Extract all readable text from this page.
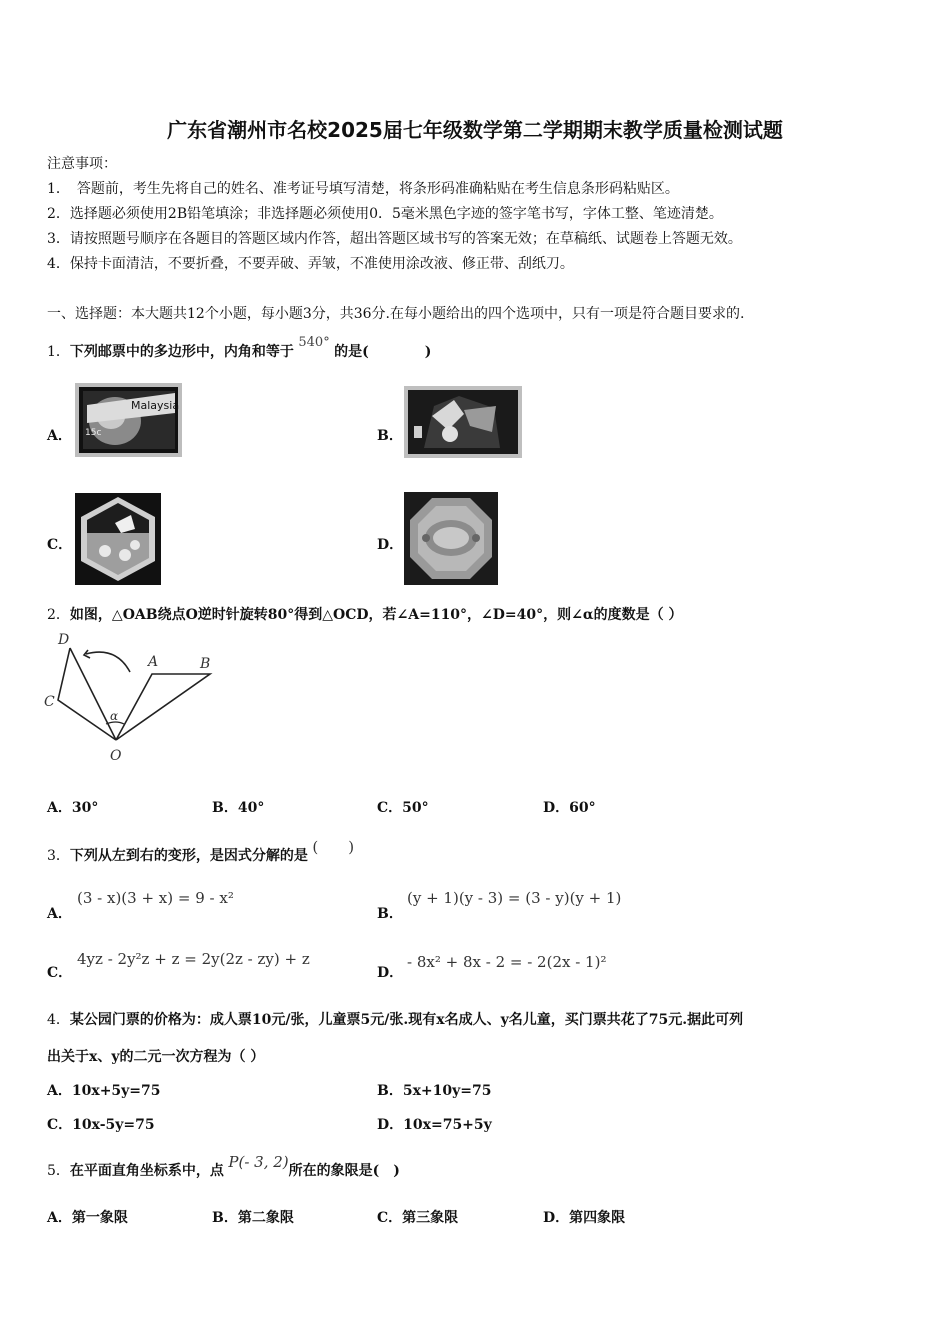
广东省潮州市名校2025届七年级数学第二学期期末教学质量检测试题
注意事项：
1．　答题前，考生先将自己的姓名、准考证号填写清楚，将条形码准确粘贴在考生信息条形码粘贴区。
2．选择题必须使用2B铅笔填涂；非选择题必须使用0．5毫米黑色字迹的签字笔书写，字体工整、笔迹清楚。
3．请按照题号顺序在各题目的答题区域内作答，超出答题区域书写的答案无效；在草稿纸、试题卷上答题无效。
4．保持卡面清洁，不要折叠，不要弄破、弄皱，不准使用涂改液、修正带、刮纸刀。
一、选择题：本大题共12个小题，每小题3分，共36分.在每小题给出的四个选项中，只有一项是符合题目要求的.
1．下列邮票中的多边形中，内角和等于 540° 的是(　　　　)
A．
Malaysia
15c	B．
C．	D．
2．如图，△OAB绕点O逆时针旋转80°得到△OCD，若∠A=110°，∠D=40°，则∠α的度数是（ ）
D
A	B
C
α
O
A．30°	B．40°	C．50°	D．60°
3．下列从左到右的变形，是因式分解的是 (　　)
A．
(3 - x)(3 + x) = 9 - x²
B．
(y + 1)(y - 3) = (3 - y)(y + 1)
C．
4yz - 2y²z + z = 2y(2z - zy) + z
D．
- 8x² + 8x - 2 = - 2(2x - 1)²
4．某公园门票的价格为：成人票10元/张，儿童票5元/张.现有x名成人、y名儿童，买门票共花了75元.据此可列
出关于x、y的二元一次方程为（ ）
A．10x+5y=75	B．5x+10y=75
C．10x-5y=75	D．10x=75+5y
5．在平面直角坐标系中，点 P(- 3, 2)所在的象限是(　)
A．第一象限	B．第二象限	C．第三象限	D．第四象限
